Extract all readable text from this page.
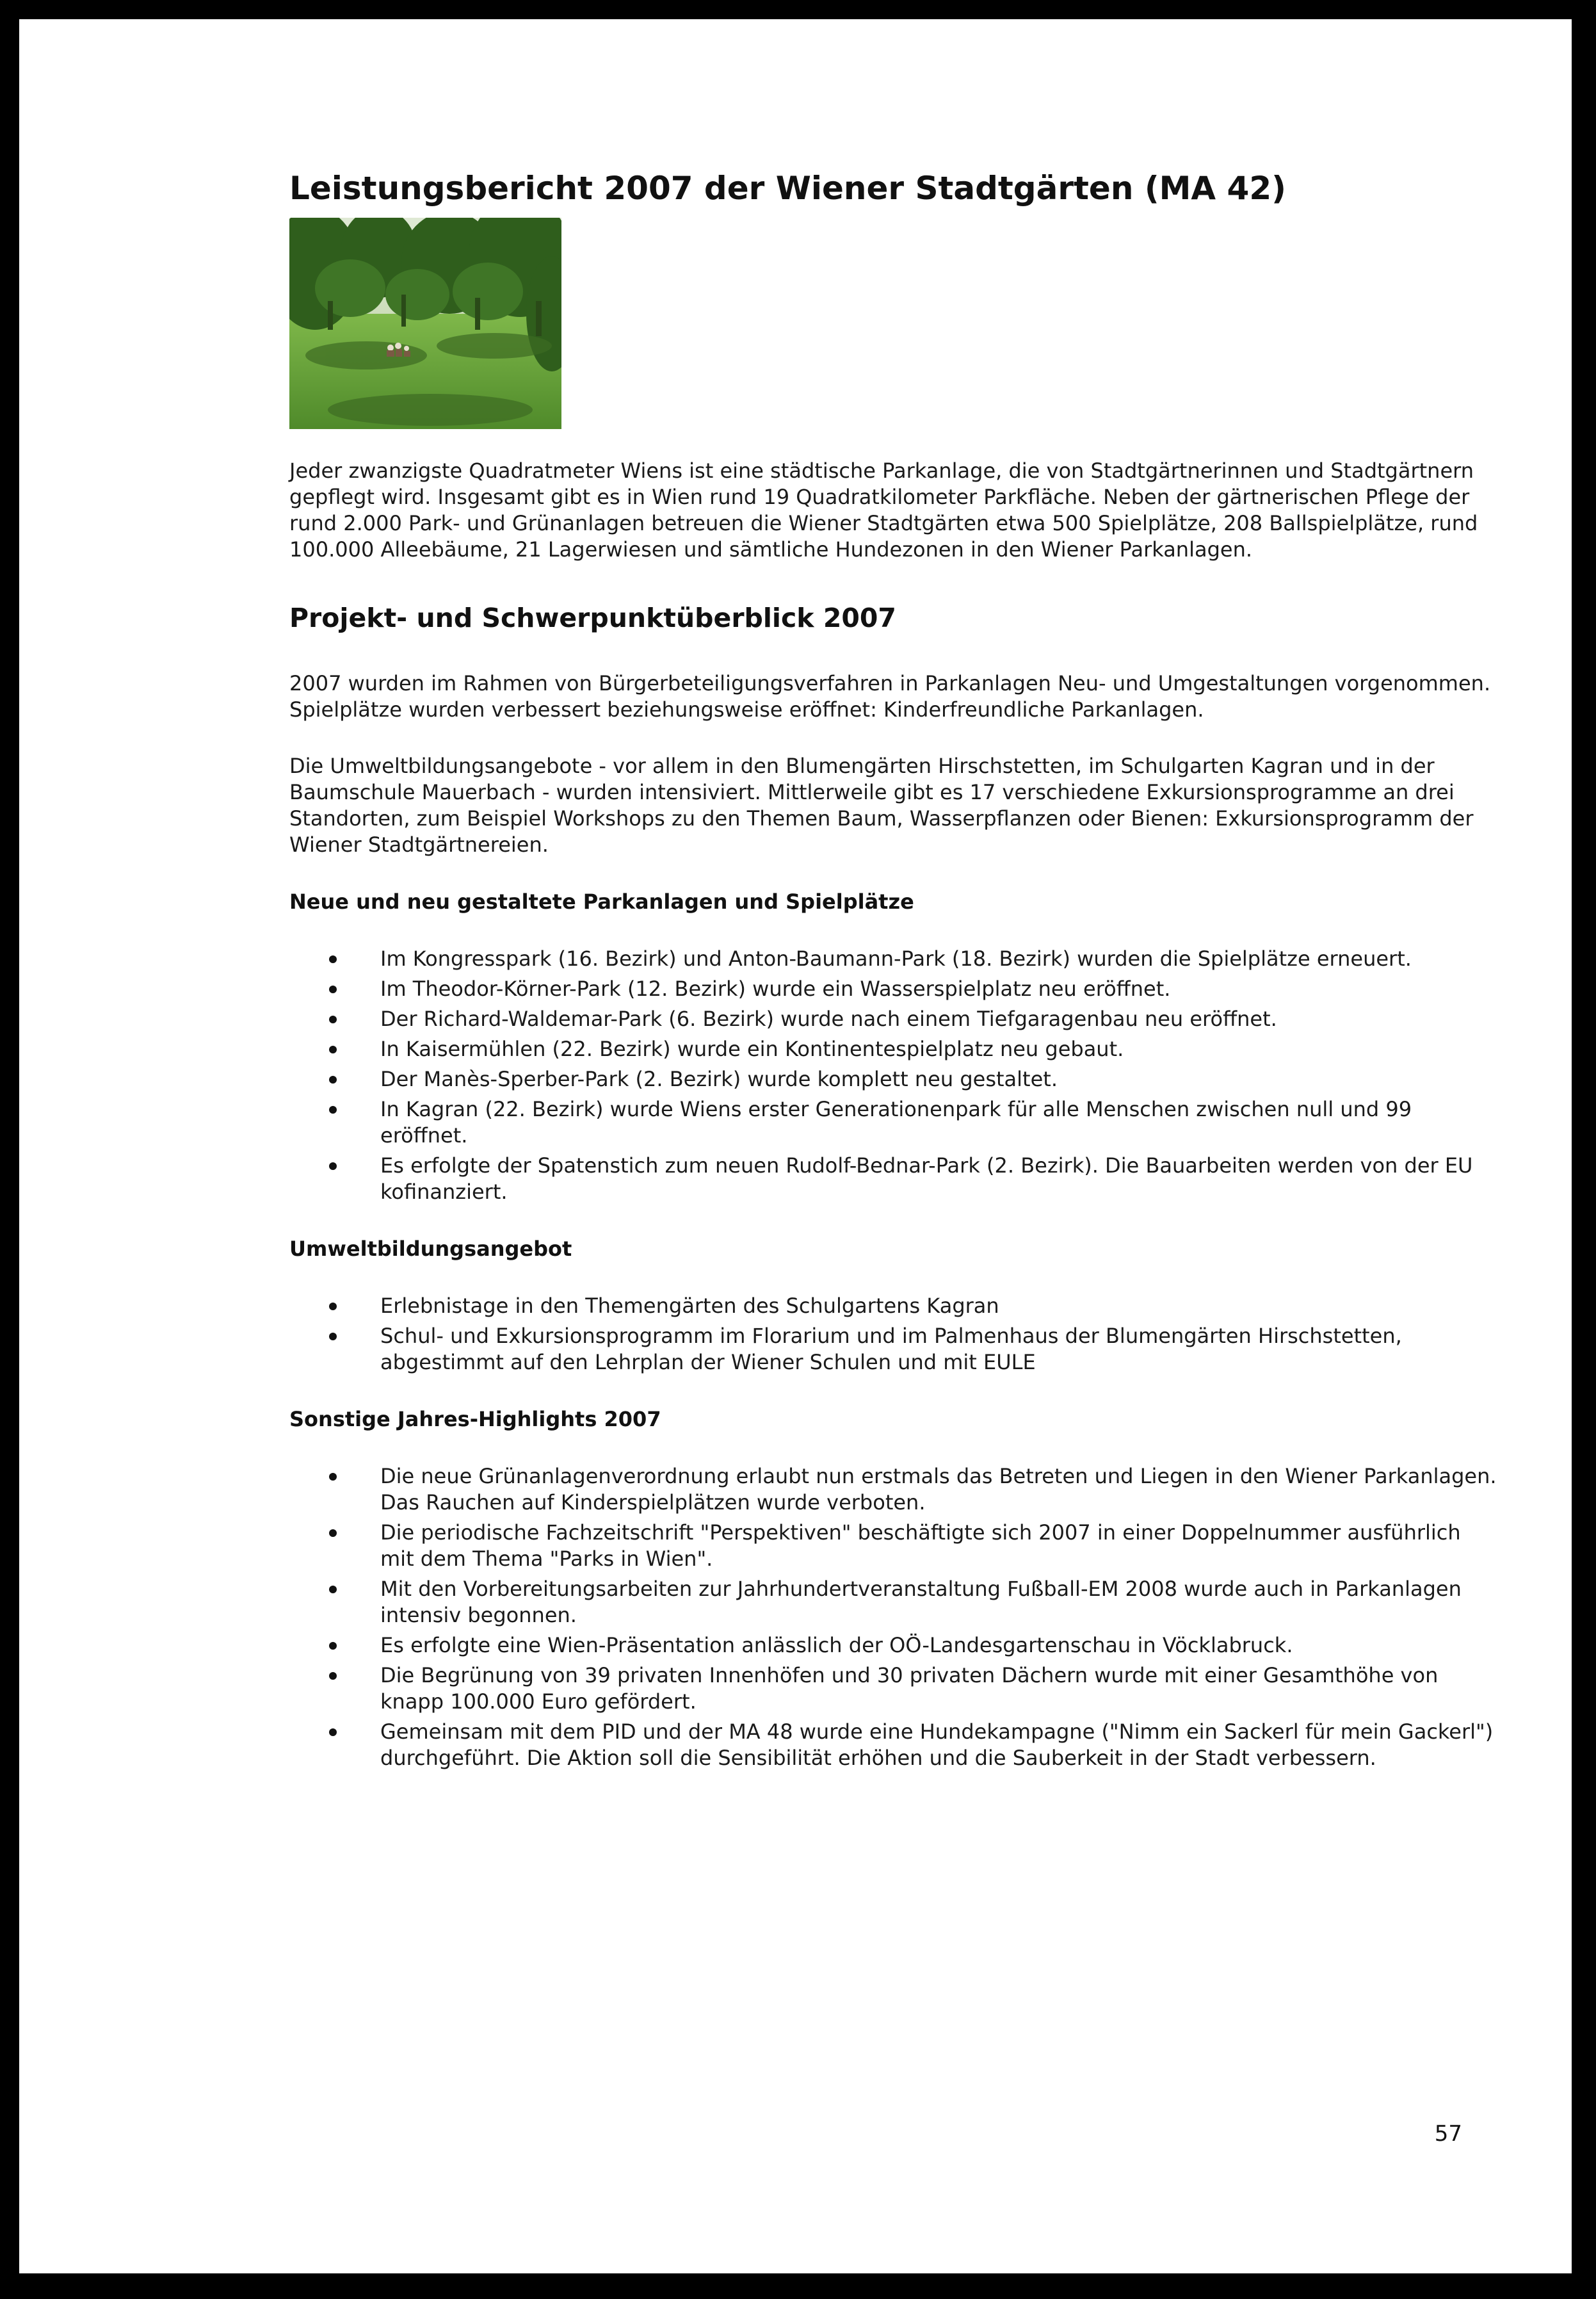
Leistungsbericht 2007 der Wiener Stadtgärten (MA 42)

Jeder zwanzigste Quadratmeter Wiens ist eine städtische Parkanlage, die von Stadtgärtnerinnen und Stadtgärtnern gepflegt wird. Insgesamt gibt es in Wien rund 19 Quadratkilometer Parkfläche. Neben der gärtnerischen Pflege der rund 2.000 Park- und Grünanlagen betreuen die Wiener Stadtgärten etwa 500 Spielplätze, 208 Ballspielplätze, rund 100.000 Alleebäume, 21 Lagerwiesen und sämtliche Hundezonen in den Wiener Parkanlagen.

Projekt- und Schwerpunktüberblick 2007

2007 wurden im Rahmen von Bürgerbeteiligungsverfahren in Parkanlagen Neu- und Umgestaltungen vorgenommen. Spielplätze wurden verbessert beziehungsweise eröffnet: Kinderfreundliche Parkanlagen.

Die Umweltbildungsangebote - vor allem in den Blumengärten Hirschstetten, im Schulgarten Kagran und in der Baumschule Mauerbach - wurden intensiviert. Mittlerweile gibt es 17 verschiedene Exkursionsprogramme an drei Standorten, zum Beispiel Workshops zu den Themen Baum, Wasserpflanzen oder Bienen: Exkursionsprogramm der Wiener Stadtgärtnereien.

Neue und neu gestaltete Parkanlagen und Spielplätze
Im Kongresspark (16. Bezirk) und Anton-Baumann-Park (18. Bezirk) wurden die Spielplätze erneuert.
Im Theodor-Körner-Park (12. Bezirk) wurde ein Wasserspielplatz neu eröffnet.
Der Richard-Waldemar-Park (6. Bezirk) wurde nach einem Tiefgaragenbau neu eröffnet.
In Kaisermühlen (22. Bezirk) wurde ein Kontinentespielplatz neu gebaut.
Der Manès-Sperber-Park (2. Bezirk) wurde komplett neu gestaltet.
In Kagran (22. Bezirk) wurde Wiens erster Generationenpark für alle Menschen zwischen null und 99 eröffnet.
Es erfolgte der Spatenstich zum neuen Rudolf-Bednar-Park (2. Bezirk). Die Bauarbeiten werden von der EU kofinanziert.
Umweltbildungsangebot
Erlebnistage in den Themengärten des Schulgartens Kagran
Schul- und Exkursionsprogramm im Florarium und im Palmenhaus der Blumengärten Hirschstetten, abgestimmt auf den Lehrplan der Wiener Schulen und mit EULE
Sonstige Jahres-Highlights 2007
Die neue Grünanlagenverordnung erlaubt nun erstmals das Betreten und Liegen in den Wiener Parkanlagen. Das Rauchen auf Kinderspielplätzen wurde verboten.
Die periodische Fachzeitschrift "Perspektiven" beschäftigte sich 2007 in einer Doppelnummer ausführlich mit dem Thema "Parks in Wien".
Mit den Vorbereitungsarbeiten zur Jahrhundertveranstaltung Fußball-EM 2008 wurde auch in Parkanlagen intensiv begonnen.
Es erfolgte eine Wien-Präsentation anlässlich der OÖ-Landesgartenschau in Vöcklabruck.
Die Begrünung von 39 privaten Innenhöfen und 30 privaten Dächern wurde mit einer Gesamthöhe von knapp 100.000 Euro gefördert.
Gemeinsam mit dem PID und der MA 48 wurde eine Hundekampagne ("Nimm ein Sackerl für mein Gackerl") durchgeführt. Die Aktion soll die Sensibilität erhöhen und die Sauberkeit in der Stadt verbessern.
57
